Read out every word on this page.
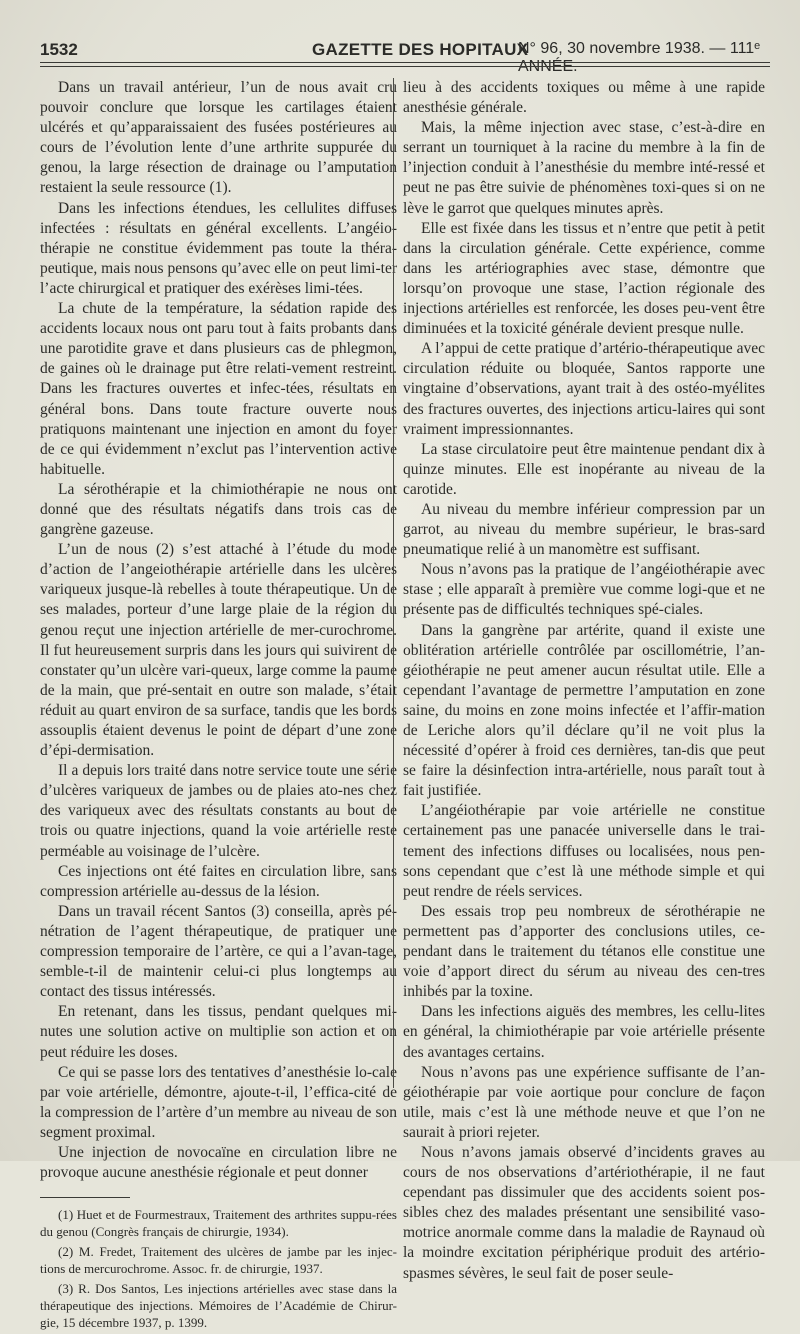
1532	GAZETTE DES HOPITAUX
N° 96, 30 novembre 1938. — 111ᵉ ANNÉE.

Dans un travail antérieur, l’un de nous avait cru pouvoir conclure que lorsque les cartilages étaient ulcérés et qu’apparaissaient des fusées postérieures au cours de l’évolution lente d’une arthrite suppurée du genou, la large résection de drainage ou l’amputation restaient la seule ressource (1).

Dans les infections étendues, les cellulites diffuses infectées : résultats en général excellents. L’angéio-thérapie ne constitue évidemment pas toute la théra-peutique, mais nous pensons qu’avec elle on peut limi-ter l’acte chirurgical et pratiquer des exérèses limi-tées.

La chute de la température, la sédation rapide des accidents locaux nous ont paru tout à faits probants dans une parotidite grave et dans plusieurs cas de phlegmon, de gaines où le drainage put être relati-vement restreint. Dans les fractures ouvertes et infec-tées, résultats en général bons. Dans toute fracture ouverte nous pratiquons maintenant une injection en amont du foyer de ce qui évidemment n’exclut pas l’intervention active habituelle.

La sérothérapie et la chimiothérapie ne nous ont donné que des résultats négatifs dans trois cas de gangrène gazeuse.

L’un de nous (2) s’est attaché à l’étude du mode d’action de l’angeiothérapie artérielle dans les ulcères variqueux jusque-là rebelles à toute thérapeutique. Un de ses malades, porteur d’une large plaie de la région du genou reçut une injection artérielle de mer-curochrome. Il fut heureusement surpris dans les jours qui suivirent de constater qu’un ulcère vari-queux, large comme la paume de la main, que pré-sentait en outre son malade, s’était réduit au quart environ de sa surface, tandis que les bords assouplis étaient devenus le point de départ d’une zone d’épi-dermisation.

Il a depuis lors traité dans notre service toute une série d’ulcères variqueux de jambes ou de plaies ato-nes chez des variqueux avec des résultats constants au bout de trois ou quatre injections, quand la voie artérielle reste perméable au voisinage de l’ulcère.

Ces injections ont été faites en circulation libre, sans compression artérielle au-dessus de la lésion.

Dans un travail récent Santos (3) conseilla, après pé-nétration de l’agent thérapeutique, de pratiquer une compression temporaire de l’artère, ce qui a l’avan-tage, semble-t-il de maintenir celui-ci plus longtemps au contact des tissus intéressés.

En retenant, dans les tissus, pendant quelques mi-nutes une solution active on multiplie son action et on peut réduire les doses.

Ce qui se passe lors des tentatives d’anesthésie lo-cale par voie artérielle, démontre, ajoute-t-il, l’effica-cité de la compression de l’artère d’un membre au niveau de son segment proximal.

Une injection de novocaïne en circulation libre ne provoque aucune anesthésie régionale et peut donner

(1) Huet et de Fourmestraux, Traitement des arthrites suppu-rées du genou (Congrès français de chirurgie, 1934).

(2) M. Fredet, Traitement des ulcères de jambe par les injec-tions de mercurochrome. Assoc. fr. de chirurgie, 1937.

(3) R. Dos Santos, Les injections artérielles avec stase dans la thérapeutique des injections. Mémoires de l’Académie de Chirur-gie, 15 décembre 1937, p. 1399.

lieu à des accidents toxiques ou même à une rapide anesthésie générale.

Mais, la même injection avec stase, c’est-à-dire en serrant un tourniquet à la racine du membre à la fin de l’injection conduit à l’anesthésie du membre inté-ressé et peut ne pas être suivie de phénomènes toxi-ques si on ne lève le garrot que quelques minutes après.

Elle est fixée dans les tissus et n’entre que petit à petit dans la circulation générale. Cette expérience, comme dans les artériographies avec stase, démontre que lorsqu’on provoque une stase, l’action régionale des injections artérielles est renforcée, les doses peu-vent être diminuées et la toxicité générale devient presque nulle.

A l’appui de cette pratique d’artério-thérapeutique avec circulation réduite ou bloquée, Santos rapporte une vingtaine d’observations, ayant trait à des ostéo-myélites des fractures ouvertes, des injections articu-laires qui sont vraiment impressionnantes.

La stase circulatoire peut être maintenue pendant dix à quinze minutes. Elle est inopérante au niveau de la carotide.

Au niveau du membre inférieur compression par un garrot, au niveau du membre supérieur, le bras-sard pneumatique relié à un manomètre est suffisant.

Nous n’avons pas la pratique de l’angéiothérapie avec stase ; elle apparaît à première vue comme logi-que et ne présente pas de difficultés techniques spé-ciales.

Dans la gangrène par artérite, quand il existe une oblitération artérielle contrôlée par oscillométrie, l’an-géiothérapie ne peut amener aucun résultat utile. Elle a cependant l’avantage de permettre l’amputation en zone saine, du moins en zone moins infectée et l’affir-mation de Leriche alors qu’il déclare qu’il ne voit plus la nécessité d’opérer à froid ces dernières, tan-dis que peut se faire la désinfection intra-artérielle, nous paraît tout à fait justifiée.

L’angéiothérapie par voie artérielle ne constitue certainement pas une panacée universelle dans le trai-tement des infections diffuses ou localisées, nous pen-sons cependant que c’est là une méthode simple et qui peut rendre de réels services.

Des essais trop peu nombreux de sérothérapie ne permettent pas d’apporter des conclusions utiles, ce-pendant dans le traitement du tétanos elle constitue une voie d’apport direct du sérum au niveau des cen-tres inhibés par la toxine.

Dans les infections aiguës des membres, les cellu-lites en général, la chimiothérapie par voie artérielle présente des avantages certains.

Nous n’avons pas une expérience suffisante de l’an-géiothérapie par voie aortique pour conclure de façon utile, mais c’est là une méthode neuve et que l’on ne saurait à priori rejeter.

Nous n’avons jamais observé d’incidents graves au cours de nos observations d’artériothérapie, il ne faut cependant pas dissimuler que des accidents soient pos-sibles chez des malades présentant une sensibilité vaso-motrice anormale comme dans la maladie de Raynaud où la moindre excitation périphérique produit des artério-spasmes sévères, le seul fait de poser seule-
